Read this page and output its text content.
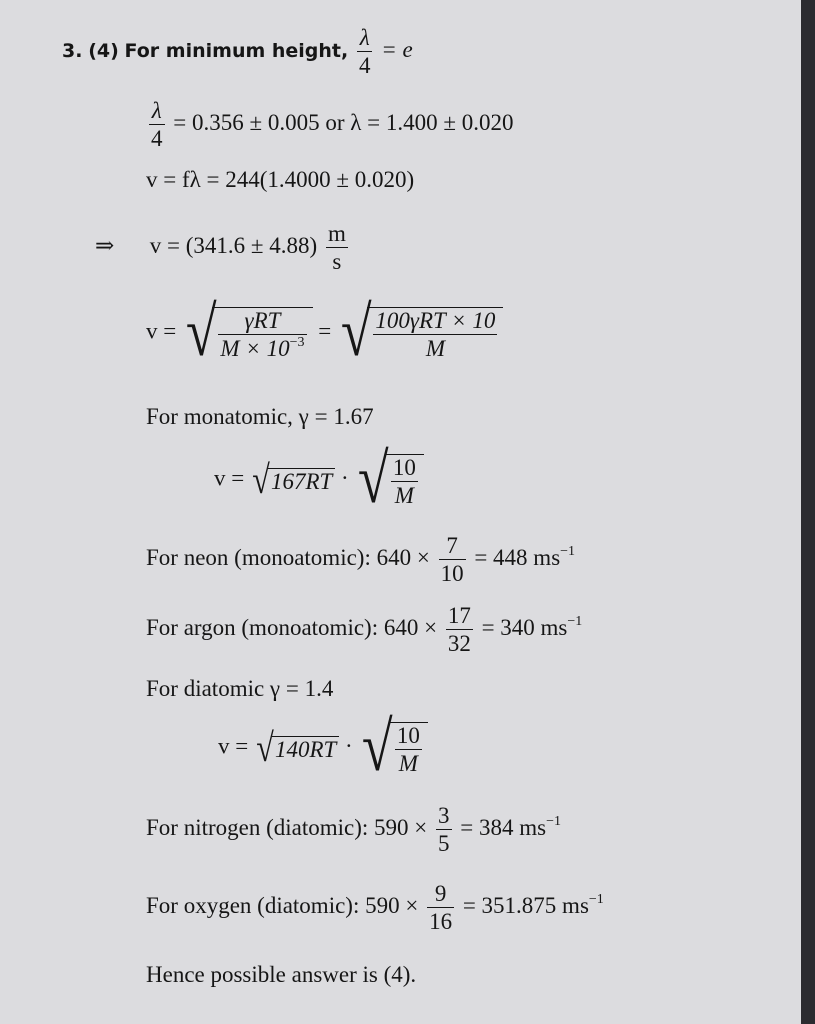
3. (4) For minimum height, $\frac{\lambda}{4} = e$
$\frac{\lambda}{4} = 0.356 \pm 0.005$ or λ = 1.400 ± 0.020
v = fλ = 244(1.4000 ± 0.020)
⇒ $v = (341.6 \pm 4.88) \frac{m}{s}$
v = √ $\frac{\text{γRT}}{M \times 10^{-3}}$ = √ $\frac{\text{100γRT × 10}}{M}$
For monatomic, γ = 1.67
v = √167RT · √ $\frac{10}{M}$
For neon (monoatomic): $640 \times \frac{7}{10} = 448$ $ms^{-1}$
For argon (monoatomic): $640 \times \frac{17}{32} = 340$ $ms^{-1}$
For diatomic γ = 1.4
v = √140RT · √ $\frac{10}{M}$
For nitrogen (diatomic): $590 \times \frac{3}{5} = 384$ $ms^{-1}$
For oxygen (diatomic): $590 \times \frac{9}{16} = 351.875$ $ms^{-1}$
Hence possible answer is (4).
